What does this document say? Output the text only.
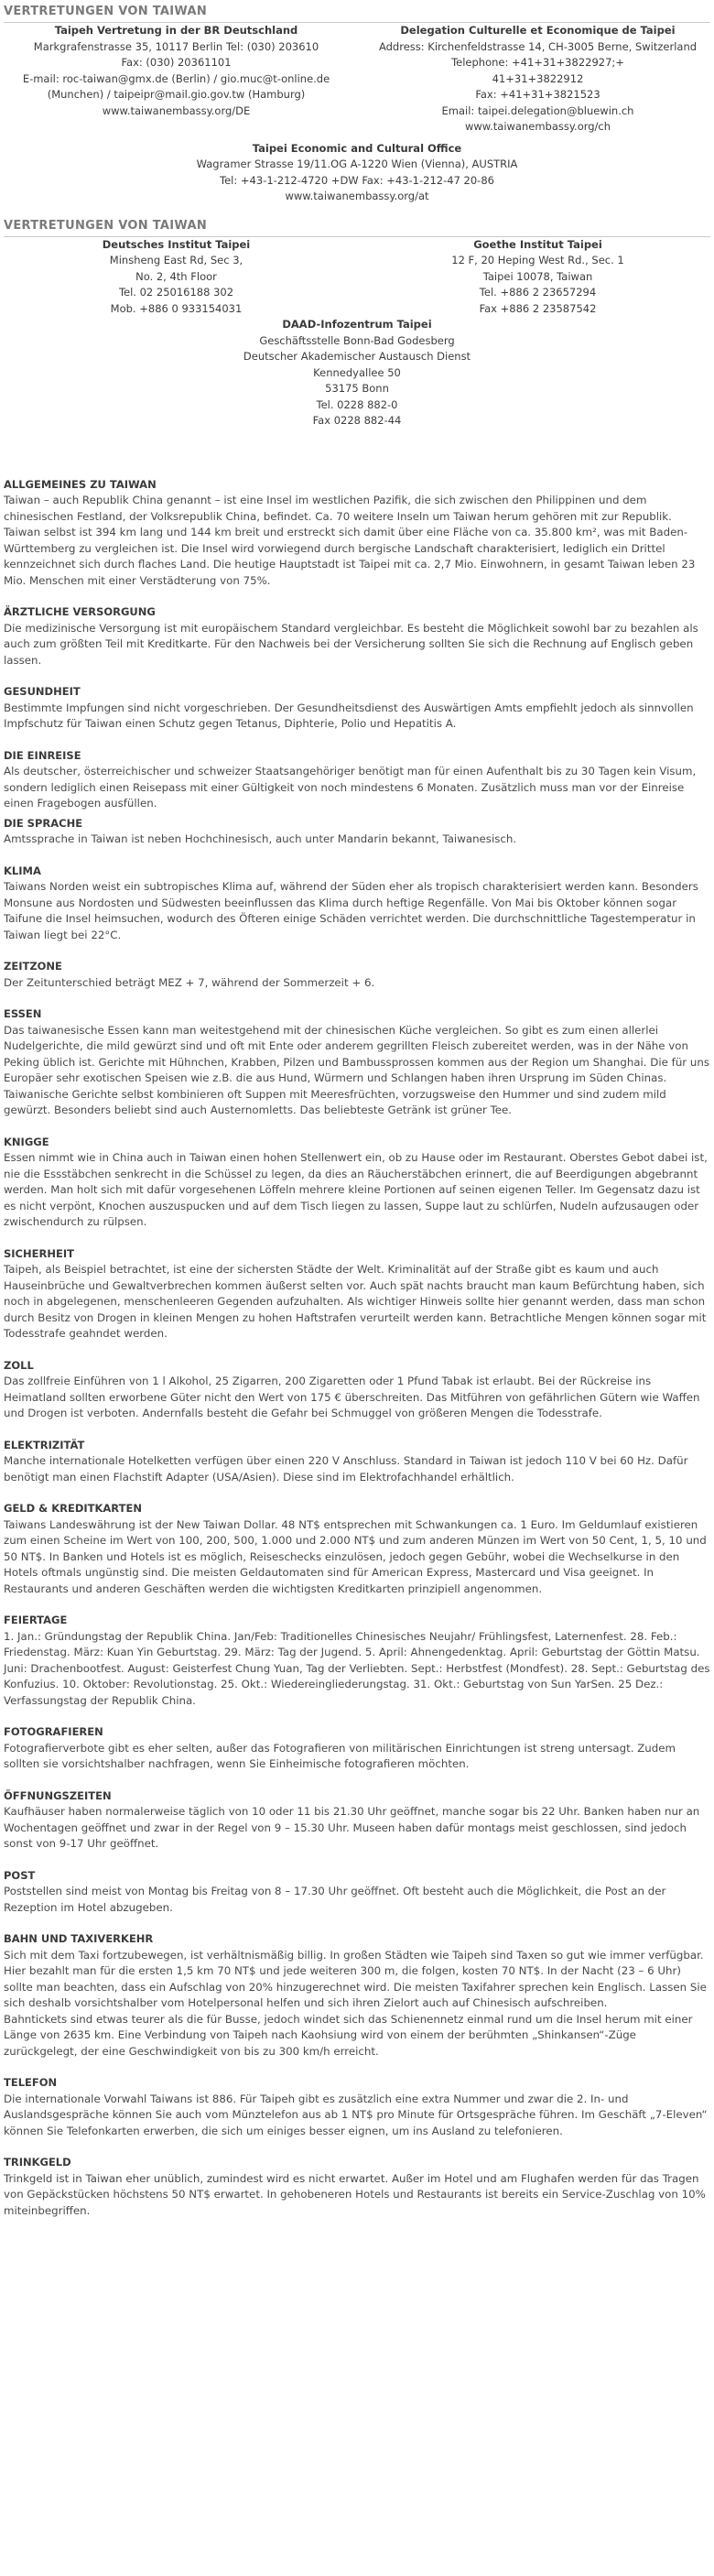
VERTRETUNGEN VON TAIWAN
Taipeh Vertretung in der BR Deutschland
Markgrafenstrasse 35, 10117 Berlin Tel: (030) 203610
Fax: (030) 20361101
E-mail: roc-taiwan@gmx.de (Berlin) / gio.muc@t-online.de
(Munchen) / taipeipr@mail.gio.gov.tw (Hamburg)
www.taiwanembassy.org/DE
Delegation Culturelle et Economique de Taipei
Address: Kirchenfeldstrasse 14, CH-3005 Berne, Switzerland
Telephone: +41+31+3822927;+
41+31+3822912
Fax: +41+31+3821523
Email: taipei.delegation@bluewin.ch
www.taiwanembassy.org/ch
Taipei Economic and Cultural Office
Wagramer Strasse 19/11.OG A-1220 Wien (Vienna), AUSTRIA
Tel: +43-1-212-4720 +DW Fax: +43-1-212-47 20-86
www.taiwanembassy.org/at
VERTRETUNGEN VON TAIWAN
Deutsches Institut Taipei
Minsheng East Rd, Sec 3,
No. 2, 4th Floor
Tel. 02 25016188 302
Mob. +886 0 933154031
Goethe Institut Taipei
12 F, 20 Heping West Rd., Sec. 1
Taipei 10078, Taiwan
Tel. +886 2 23657294
Fax +886 2 23587542
DAAD-Infozentrum Taipei
Geschäftsstelle Bonn-Bad Godesberg
Deutscher Akademischer Austausch Dienst
Kennedyallee 50
53175 Bonn
Tel. 0228 882-0
Fax 0228 882-44
ALLGEMEINES ZU TAIWAN

Taiwan – auch Republik China genannt – ist eine Insel im westlichen Pazifik, die sich zwischen den Philippinen und dem chinesischen Festland, der Volksrepublik China, befindet. Ca. 70 weitere Inseln um Taiwan herum gehören mit zur Republik. Taiwan selbst ist 394 km lang und 144 km breit und erstreckt sich damit über eine Fläche von ca. 35.800 km², was mit Baden-Württemberg zu vergleichen ist. Die Insel wird vorwiegend durch bergische Landschaft charakterisiert, lediglich ein Drittel kennzeichnet sich durch flaches Land. Die heutige Hauptstadt ist Taipei mit ca. 2,7 Mio. Einwohnern, in gesamt Taiwan leben 23 Mio. Menschen mit einer Verstädterung von 75%.

ÄRZTLICHE VERSORGUNG

Die medizinische Versorgung ist mit europäischem Standard vergleichbar. Es besteht die Möglichkeit sowohl bar zu bezahlen als auch zum größten Teil mit Kreditkarte. Für den Nachweis bei der Versicherung sollten Sie sich die Rechnung auf Englisch geben lassen.

GESUNDHEIT

Bestimmte Impfungen sind nicht vorgeschrieben. Der Gesundheitsdienst des Auswärtigen Amts empfiehlt jedoch als sinnvollen Impfschutz für Taiwan einen Schutz gegen Tetanus, Diphterie, Polio und Hepatitis A.

DIE EINREISE

Als deutscher, österreichischer und schweizer Staatsangehöriger benötigt man für einen Aufenthalt bis zu 30 Tagen kein Visum, sondern lediglich einen Reisepass mit einer Gültigkeit von noch mindestens 6 Monaten. Zusätzlich muss man vor der Einreise einen Fragebogen ausfüllen.

DIE SPRACHE

Amtssprache in Taiwan ist neben Hochchinesisch, auch unter Mandarin bekannt, Taiwanesisch.

KLIMA

Taiwans Norden weist ein subtropisches Klima auf, während der Süden eher als tropisch charakterisiert werden kann. Besonders Monsune aus Nordosten und Südwesten beeinflussen das Klima durch heftige Regenfälle. Von Mai bis Oktober können sogar Taifune die Insel heimsuchen, wodurch des Öfteren einige Schäden verrichtet werden. Die durchschnittliche Tagestemperatur in Taiwan liegt bei 22°C.

ZEITZONE

Der Zeitunterschied beträgt MEZ + 7, während der Sommerzeit + 6.

ESSEN

Das taiwanesische Essen kann man weitestgehend mit der chinesischen Küche vergleichen. So gibt es zum einen allerlei Nudelgerichte, die mild gewürzt sind und oft mit Ente oder anderem gegrillten Fleisch zubereitet werden, was in der Nähe von Peking üblich ist. Gerichte mit Hühnchen, Krabben, Pilzen und Bambussprossen kommen aus der Region um Shanghai. Die für uns Europäer sehr exotischen Speisen wie z.B. die aus Hund, Würmern und Schlangen haben ihren Ursprung im Süden Chinas. Taiwanische Gerichte selbst kombinieren oft Suppen mit Meeresfrüchten, vorzugsweise den Hummer und sind zudem mild gewürzt. Besonders beliebt sind auch Austernomletts. Das beliebteste Getränk ist grüner Tee.

KNIGGE

Essen nimmt wie in China auch in Taiwan einen hohen Stellenwert ein, ob zu Hause oder im Restaurant. Oberstes Gebot dabei ist, nie die Essstäbchen senkrecht in die Schüssel zu legen, da dies an Räucherstäbchen erinnert, die auf Beerdigungen abgebrannt werden. Man holt sich mit dafür vorgesehenen Löffeln mehrere kleine Portionen auf seinen eigenen Teller. Im Gegensatz dazu ist es nicht verpönt, Knochen auszuspucken und auf dem Tisch liegen zu lassen, Suppe laut zu schlürfen, Nudeln aufzusaugen oder zwischendurch zu rülpsen.

SICHERHEIT

Taipeh, als Beispiel betrachtet, ist eine der sichersten Städte der Welt. Kriminalität auf der Straße gibt es kaum und auch Hauseinbrüche und Gewaltverbrechen kommen äußerst selten vor. Auch spät nachts braucht man kaum Befürchtung haben, sich noch in abgelegenen, menschenleeren Gegenden aufzuhalten. Als wichtiger Hinweis sollte hier genannt werden, dass man schon durch Besitz von Drogen in kleinen Mengen zu hohen Haftstrafen verurteilt werden kann. Betrachtliche Mengen können sogar mit Todesstrafe geahndet werden.

ZOLL

Das zollfreie Einführen von 1 l Alkohol, 25 Zigarren, 200 Zigaretten oder 1 Pfund Tabak ist erlaubt. Bei der Rückreise ins Heimatland sollten erworbene Güter nicht den Wert von 175 € überschreiten. Das Mitführen von gefährlichen Gütern wie Waffen und Drogen ist verboten. Andernfalls besteht die Gefahr bei Schmuggel von größeren Mengen die Todesstrafe.

ELEKTRIZITÄT

Manche internationale Hotelketten verfügen über einen 220 V Anschluss. Standard in Taiwan ist jedoch 110 V bei 60 Hz. Dafür benötigt man einen Flachstift Adapter (USA/Asien). Diese sind im Elektrofachhandel erhältlich.

GELD & KREDITKARTEN

Taiwans Landeswährung ist der New Taiwan Dollar. 48 NT$ entsprechen mit Schwankungen ca. 1 Euro. Im Geldumlauf existieren zum einen Scheine im Wert von 100, 200, 500, 1.000 und 2.000 NT$ und zum anderen Münzen im Wert von 50 Cent, 1, 5, 10 und 50 NT$. In Banken und Hotels ist es möglich, Reiseschecks einzulösen, jedoch gegen Gebühr, wobei die Wechselkurse in den Hotels oftmals ungünstig sind. Die meisten Geldautomaten sind für American Express, Mastercard und Visa geeignet. In Restaurants und anderen Geschäften werden die wichtigsten Kreditkarten prinzipiell angenommen.

FEIERTAGE

1. Jan.: Gründungstag der Republik China. Jan/Feb: Traditionelles Chinesisches Neujahr/ Frühlingsfest, Laternenfest. 28. Feb.: Friedenstag. März: Kuan Yin Geburtstag. 29. März: Tag der Jugend. 5. April: Ahnengedenktag. April: Geburtstag der Göttin Matsu. Juni: Drachenbootfest. August: Geisterfest Chung Yuan, Tag der Verliebten. Sept.: Herbstfest (Mondfest). 28. Sept.: Geburtstag des Konfuzius. 10. Oktober: Revolutionstag. 25. Okt.: Wiedereingliederungstag. 31. Okt.: Geburtstag von Sun YarSen. 25 Dez.: Verfassungstag der Republik China.

FOTOGRAFIEREN

Fotografierverbote gibt es eher selten, außer das Fotografieren von militärischen Einrichtungen ist streng untersagt. Zudem sollten sie vorsichtshalber nachfragen, wenn Sie Einheimische fotografieren möchten.

ÖFFNUNGSZEITEN

Kaufhäuser haben normalerweise täglich von 10 oder 11 bis 21.30 Uhr geöffnet, manche sogar bis 22 Uhr. Banken haben nur an Wochentagen geöffnet und zwar in der Regel von 9 – 15.30 Uhr. Museen haben dafür montags meist geschlossen, sind jedoch sonst von 9-17 Uhr geöffnet.

POST

Poststellen sind meist von Montag bis Freitag von 8 – 17.30 Uhr geöffnet. Oft besteht auch die Möglichkeit, die Post an der Rezeption im Hotel abzugeben.

BAHN UND TAXIVERKEHR

Sich mit dem Taxi fortzubewegen, ist verhältnismäßig billig. In großen Städten wie Taipeh sind Taxen so gut wie immer verfügbar. Hier bezahlt man für die ersten 1,5 km 70 NT$ und jede weiteren 300 m, die folgen, kosten 70 NT$. In der Nacht (23 – 6 Uhr) sollte man beachten, dass ein Aufschlag von 20% hinzugerechnet wird. Die meisten Taxifahrer sprechen kein Englisch. Lassen Sie sich deshalb vorsichtshalber vom Hotelpersonal helfen und sich ihren Zielort auch auf Chinesisch aufschreiben.

Bahntickets sind etwas teurer als die für Busse, jedoch windet sich das Schienennetz einmal rund um die Insel herum mit einer Länge von 2635 km. Eine Verbindung von Taipeh nach Kaohsiung wird von einem der berühmten „Shinkansen“-Züge zurückgelegt, der eine Geschwindigkeit von bis zu 300 km/h erreicht.

TELEFON

Die internationale Vorwahl Taiwans ist 886. Für Taipeh gibt es zusätzlich eine extra Nummer und zwar die 2. In- und Auslandsgespräche können Sie auch vom Münztelefon aus ab 1 NT$ pro Minute für Ortsgespräche führen. Im Geschäft „7-Eleven“ können Sie Telefonkarten erwerben, die sich um einiges besser eignen, um ins Ausland zu telefonieren.

TRINKGELD

Trinkgeld ist in Taiwan eher unüblich, zumindest wird es nicht erwartet. Außer im Hotel und am Flughafen werden für das Tragen von Gepäckstücken höchstens 50 NT$ erwartet. In gehobeneren Hotels und Restaurants ist bereits ein Service-Zuschlag von 10% miteinbegriffen.
